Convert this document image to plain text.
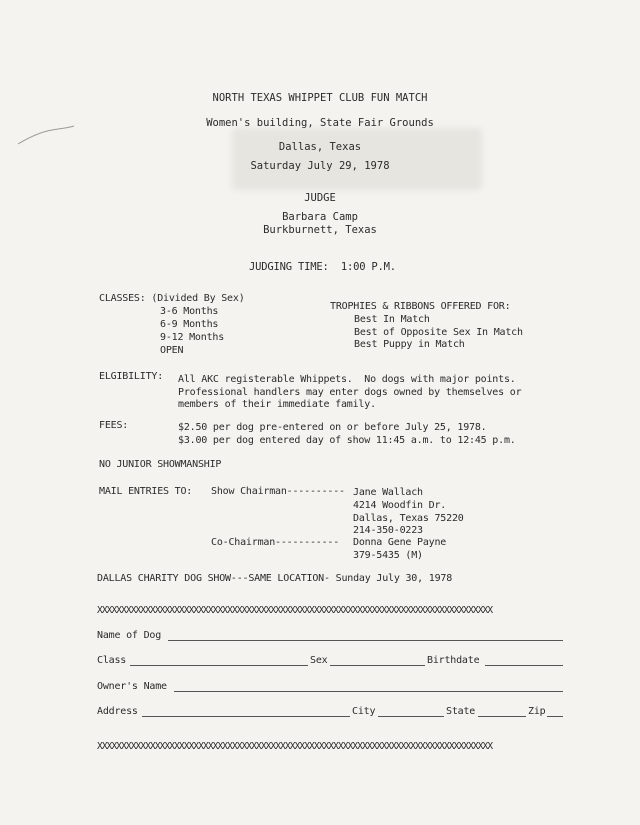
NORTH TEXAS WHIPPET CLUB FUN MATCH
Women's building, State Fair Grounds
Dallas, Texas
Saturday July 29, 1978
JUDGE
Barbara Camp
Burkburnett, Texas
JUDGING TIME:  1:00 P.M.
CLASSES: (Divided By Sex)
3-6 Months
6-9 Months
9-12 Months
OPEN
TROPHIES & RIBBONS OFFERED FOR:
Best In Match
Best of Opposite Sex In Match
Best Puppy in Match
ELGIBILITY: All AKC registerable Whippets.  No dogs with major points.
Professional handlers may enter dogs owned by themselves or
members of their immediate family.
FEES:	$2.50 per dog pre-entered on or before July 25, 1978.
$3.00 per dog entered day of show 11:45 a.m. to 12:45 p.m.
NO JUNIOR SHOWMANSHIP
MAIL ENTRIES TO: Show Chairman---------- Jane Wallach
4214 Woodfin Dr.
Dallas, Texas 75220
214-350-0223
Co-Chairman----------- Donna Gene Payne
379-5435 (M)
DALLAS CHARITY DOG SHOW---SAME LOCATION- Sunday July 30, 1978
XXXXXXXXXXXXXXXXXXXXXXXXXXXXXXXXXXXXXXXXXXXXXXXXXXXXXXXXXXXXXXXXXXXXXXXXXXXXXXXXXX
Name of Dog
Class	Sex	Birthdate
Owner's Name
Address	City	State	Zip
XXXXXXXXXXXXXXXXXXXXXXXXXXXXXXXXXXXXXXXXXXXXXXXXXXXXXXXXXXXXXXXXXXXXXXXXXXXXXXXXXX
